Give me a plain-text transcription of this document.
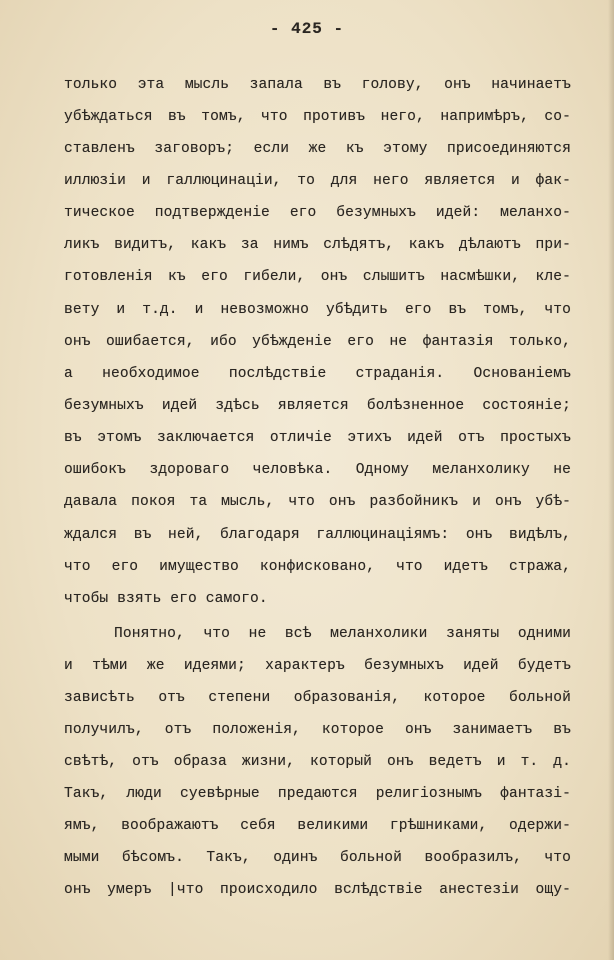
- 425 -
только эта мысль запала въ голову, онъ начинаетъ
убѣждаться въ томъ, что противъ него, напримѣръ, со-
ставленъ заговоръ; если же къ этому присоединяются
иллюзіи и галлюцинаціи, то для него является и фак-
тическое подтвержденіе его безумныхъ идей: меланхо-
ликъ видитъ, какъ за нимъ слѣдятъ, какъ дѣлаютъ при-
готовленія къ его гибели, онъ слышитъ насмѣшки, кле-
вету и т.д. и невозможно убѣдить его въ томъ, что
онъ ошибается, ибо убѣжденіе его не фантазія только,
а необходимое послѣдствіе страданія. Основаніемъ
безумныхъ идей здѣсь является болѣзненное состояніе;
въ этомъ заключается отличіе этихъ идей отъ простыхъ
ошибокъ здороваго человѣка. Одному меланхолику не
давала покоя та мысль, что онъ разбойникъ и онъ убѣ-
ждался въ ней, благодаря галлюцинаціямъ: онъ видѣлъ,
что его имущество конфисковано, что идетъ стража,
чтобы взять его самого.
Понятно, что не всѣ меланхолики заняты одними
и тѣми же идеями; характеръ безумныхъ идей будетъ
зависѣть отъ степени образованія, которое больной
получилъ, отъ положенія, которое онъ занимаетъ въ
свѣтѣ, отъ образа жизни, который онъ ведетъ и т. д.
Такъ, люди суевѣрные предаются религіознымъ фантазі-
ямъ, воображаютъ себя великими грѣшниками, одержи-
мыми бѣсомъ. Такъ, одинъ больной вообразилъ, что
онъ умеръ |что происходило вслѣдствіе анестезіи ощу-
